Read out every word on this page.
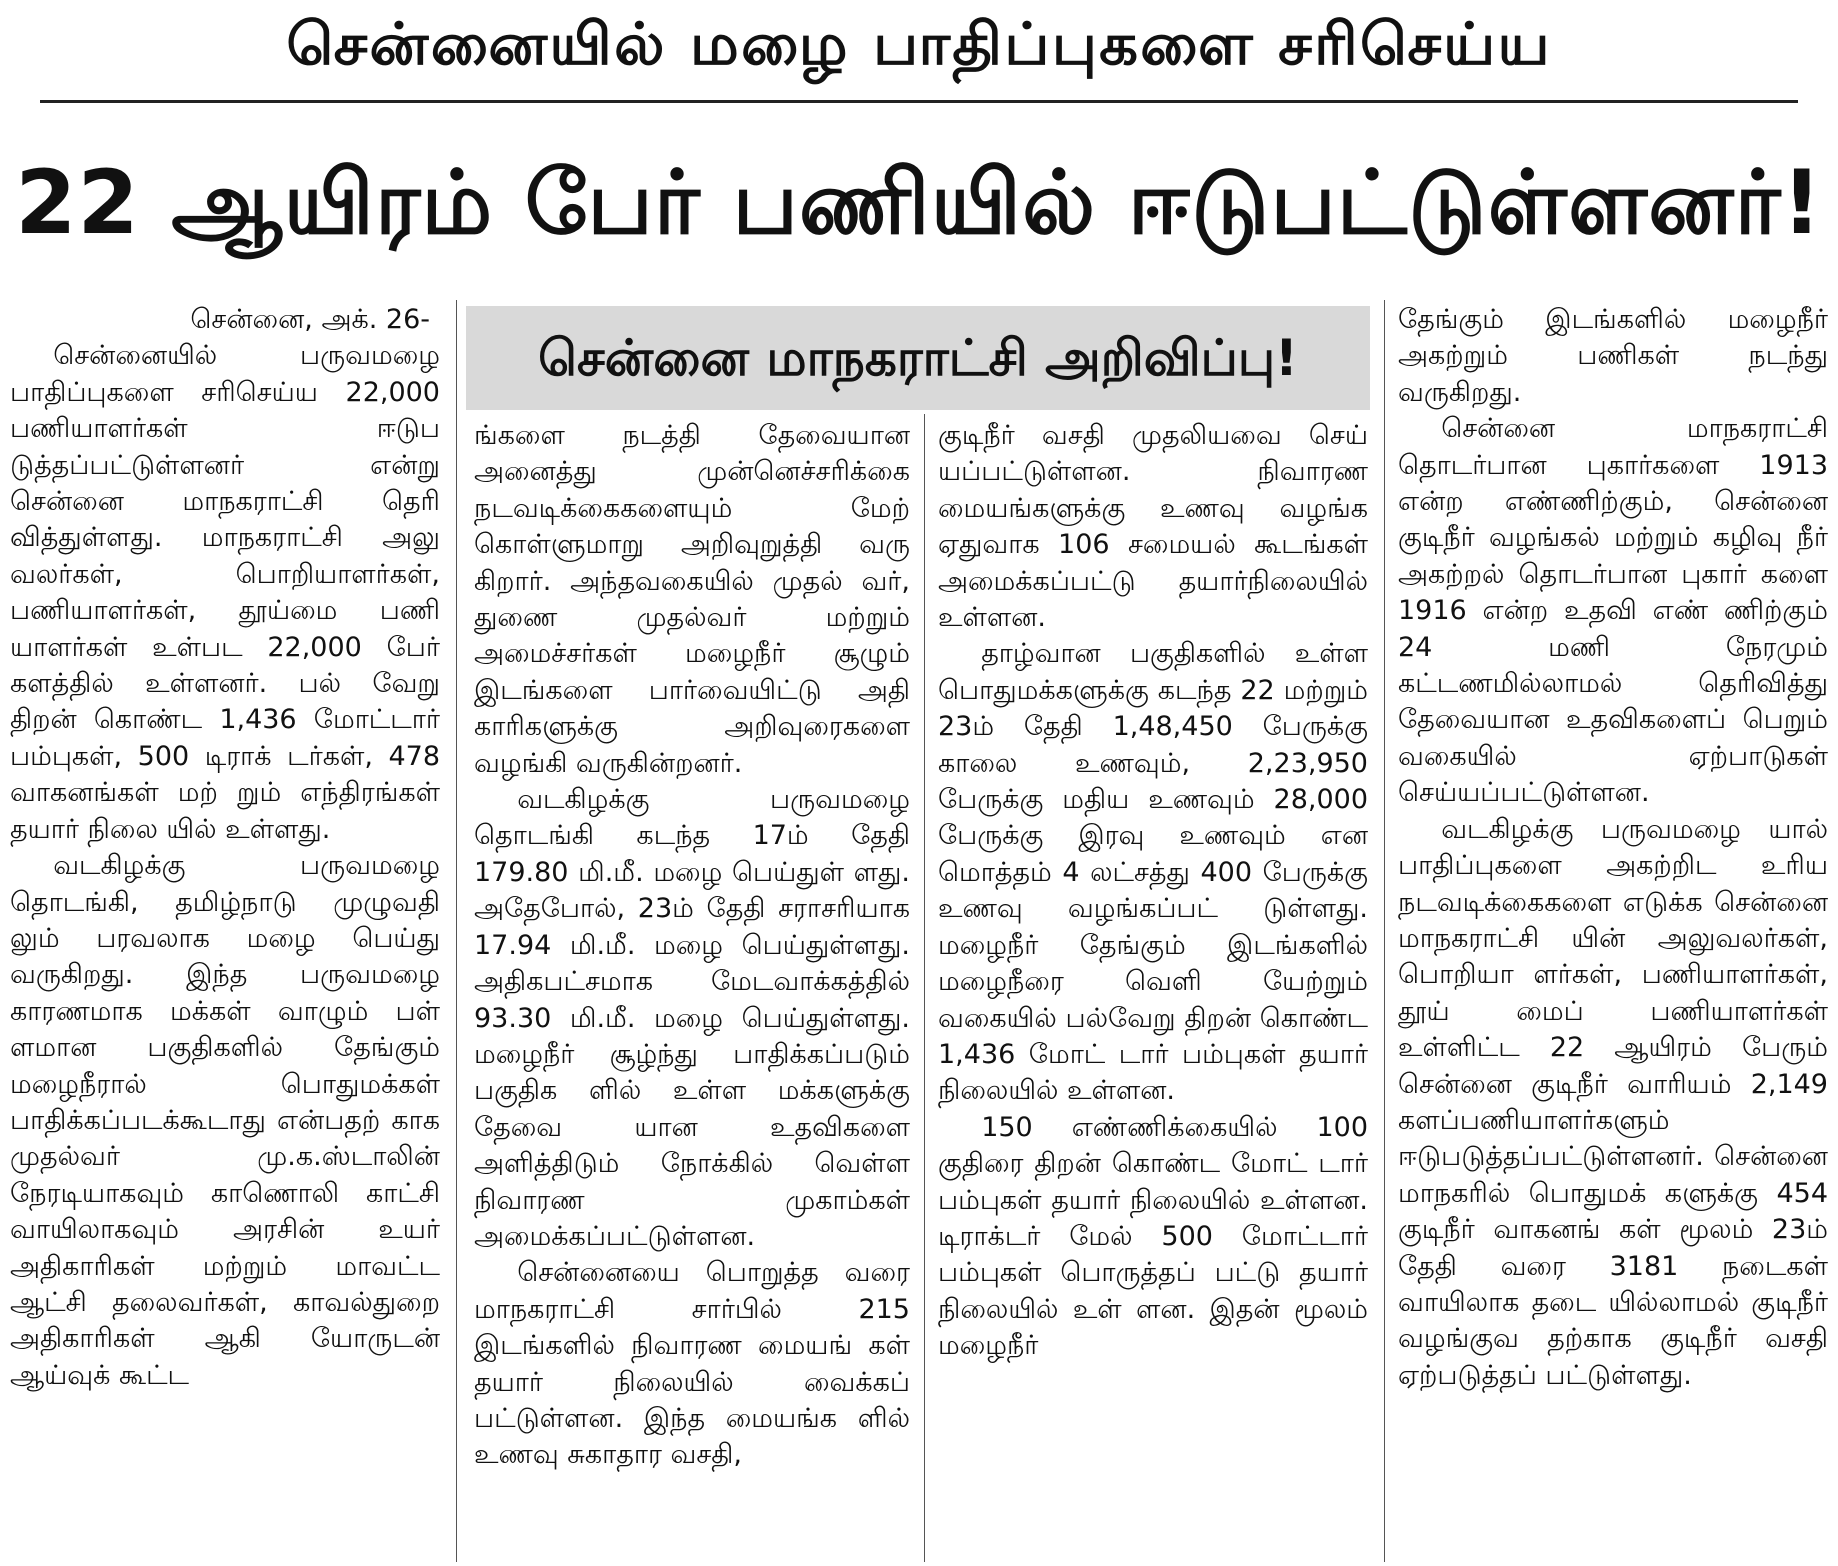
சென்னையில் மழை பாதிப்புகளை சரிசெய்ய
22 ஆயிரம் பேர் பணியில் ஈடுபட்டுள்ளனர்!
சென்னை மாநகராட்சி அறிவிப்பு!

சென்னை, அக். 26-

சென்னையில் பருவமழை பாதிப்புகளை சரிசெய்ய 22,000 பணியாளர்கள் ஈடுப டுத்தப்பட்டுள்ளனர் என்று சென்னை மாநகராட்சி தெரி வித்துள்ளது. மாநகராட்சி அலு வலர்கள், பொறியாளர்கள், பணியாளர்கள், தூய்மை பணி யாளர்கள் உள்பட 22,000 பேர் களத்தில் உள்ளனர். பல் வேறு திறன் கொண்ட 1,436 மோட்டார் பம்புகள், 500 டிராக் டர்கள், 478 வாகனங்கள் மற் றும் எந்திரங்கள் தயார் நிலை யில் உள்ளது.

வடகிழக்கு பருவமழை தொடங்கி, தமிழ்நாடு முழுவதி லும் பரவலாக மழை பெய்து வருகிறது. இந்த பருவமழை காரணமாக மக்கள் வாழும் பள் ளமான பகுதிகளில் தேங்கும் மழைநீரால் பொதுமக்கள் பாதிக்கப்படக்கூடாது என்பதற் காக முதல்வர் மு.க.ஸ்டாலின் நேரடியாகவும் காணொலி காட்சி வாயிலாகவும் அரசின் உயர் அதிகாரிகள் மற்றும் மாவட்ட ஆட்சி தலைவர்கள், காவல்துறை அதிகாரிகள் ஆகி யோருடன் ஆய்வுக் கூட்ட

ங்களை நடத்தி தேவையான அனைத்து முன்னெச்சரிக்கை நடவடிக்கைகளையும் மேற் கொள்ளுமாறு அறிவுறுத்தி வரு கிறார். அந்தவகையில் முதல் வர், துணை முதல்வர் மற்றும் அமைச்சர்கள் மழைநீர் சூழும் இடங்களை பார்வையிட்டு அதி காரிகளுக்கு அறிவுரைகளை வழங்கி வருகின்றனர்.

வடகிழக்கு பருவமழை தொடங்கி கடந்த 17ம் தேதி 179.80 மி.மீ. மழை பெய்துள் ளது. அதேபோல், 23ம் தேதி சராசரியாக 17.94 மி.மீ. மழை பெய்துள்ளது. அதிகபட்சமாக மேடவாக்கத்தில் 93.30 மி.மீ. மழை பெய்துள்ளது. மழைநீர் சூழ்ந்து பாதிக்கப்படும் பகுதிக ளில் உள்ள மக்களுக்கு தேவை யான உதவிகளை அளித்திடும் நோக்கில் வெள்ள நிவாரண முகாம்கள் அமைக்கப்பட்டுள்ளன.

சென்னையை பொறுத்த வரை மாநகராட்சி சார்பில் 215 இடங்களில் நிவாரண மையங் கள் தயார் நிலையில் வைக்கப் பட்டுள்ளன. இந்த மையங்க ளில் உணவு சுகாதார வசதி,

குடிநீர் வசதி முதலியவை செய் யப்பட்டுள்ளன. நிவாரண மையங்களுக்கு உணவு வழங்க ஏதுவாக 106 சமையல் கூடங்கள் அமைக்கப்பட்டு தயார்நிலையில் உள்ளன.

தாழ்வான பகுதிகளில் உள்ள பொதுமக்களுக்கு கடந்த 22 மற்றும் 23ம் தேதி 1,48,450 பேருக்கு காலை உணவும், 2,23,950 பேருக்கு மதிய உணவும் 28,000 பேருக்கு இரவு உணவும் என மொத்தம் 4 லட்சத்து 400 பேருக்கு உணவு வழங்கப்பட் டுள்ளது. மழைநீர் தேங்கும் இடங்களில் மழைநீரை வெளி யேற்றும் வகையில் பல்வேறு திறன் கொண்ட 1,436 மோட் டார் பம்புகள் தயார் நிலையில் உள்ளன.

150 எண்ணிக்கையில் 100 குதிரை திறன் கொண்ட மோட் டார் பம்புகள் தயார் நிலையில் உள்ளன. டிராக்டர் மேல் 500 மோட்டார் பம்புகள் பொருத்தப் பட்டு தயார் நிலையில் உள் ளன. இதன் மூலம் மழைநீர்

தேங்கும் இடங்களில் மழைநீர் அகற்றும் பணிகள் நடந்து வருகிறது.

சென்னை மாநகராட்சி தொடர்பான புகார்களை 1913 என்ற எண்ணிற்கும், சென்னை குடிநீர் வழங்கல் மற்றும் கழிவு நீர் அகற்றல் தொடர்பான புகார் களை 1916 என்ற உதவி எண் ணிற்கும் 24 மணி நேரமும் கட்டணமில்லாமல் தெரிவித்து தேவையான உதவிகளைப் பெறும் வகையில் ஏற்பாடுகள் செய்யப்பட்டுள்ளன.

வடகிழக்கு பருவமழை யால் பாதிப்புகளை அகற்றிட உரிய நடவடிக்கைகளை எடுக்க சென்னை மாநகராட்சி யின் அலுவலர்கள், பொறியா ளர்கள், பணியாளர்கள், தூய் மைப் பணியாளர்கள் உள்ளிட்ட 22 ஆயிரம் பேரும் சென்னை குடிநீர் வாரியம் 2,149 களப்பணியாளர்களும் ஈடுபடுத்தப்பட்டுள்ளனர். சென்னை மாநகரில் பொதுமக் களுக்கு 454 குடிநீர் வாகனங் கள் மூலம் 23ம் தேதி வரை 3181 நடைகள் வாயிலாக தடை யில்லாமல் குடிநீர் வழங்குவ தற்காக குடிநீர் வசதி ஏற்படுத்தப் பட்டுள்ளது.
